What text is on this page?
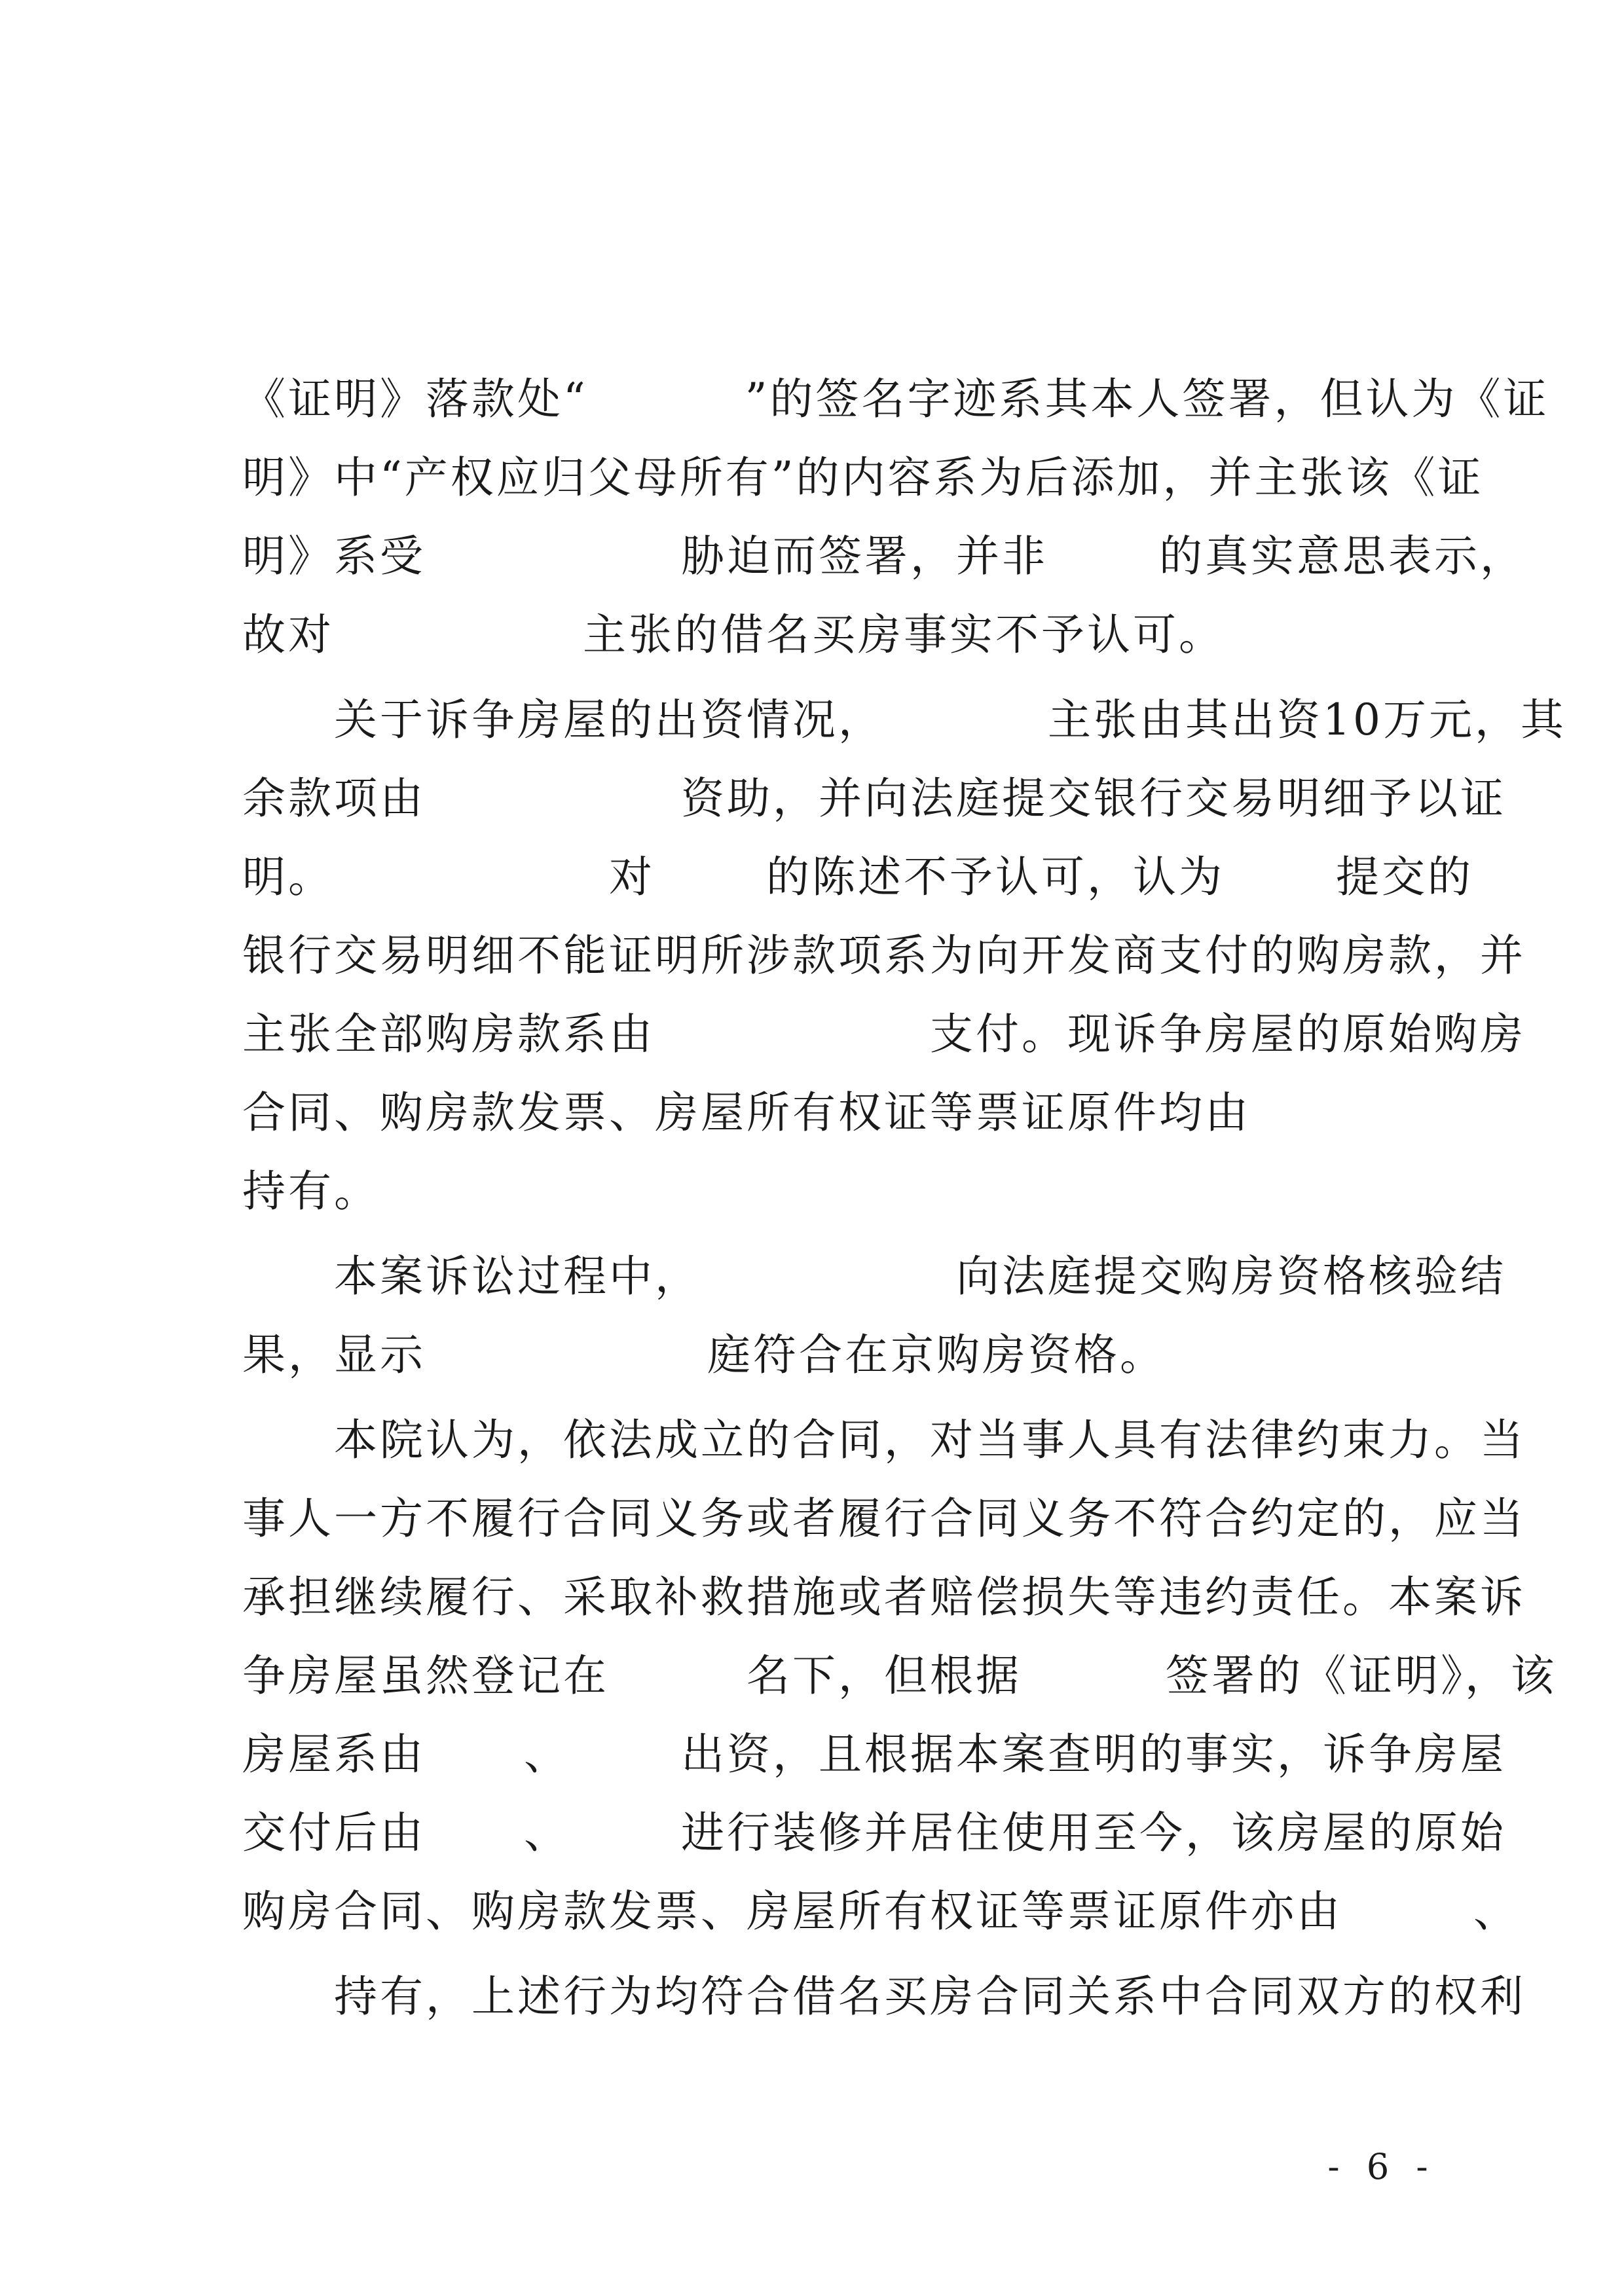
《证明》落款处“	”的签名字迹系其本人签署，但认为《证
明》中“产权应归父母所有”的内容系为后添加，并主张该《证
明》系受	胁迫而签署，并非	的真实意思表示，
故对	主张的借名买房事实不予认可。
关于诉争房屋的出资情况，	主张由其出资10万元，其
余款项由	资助，并向法庭提交银行交易明细予以证
明。	对	的陈述不予认可，认为	提交的
银行交易明细不能证明所涉款项系为向开发商支付的购房款，并
主张全部购房款系由	支付。现诉争房屋的原始购房
合同、购房款发票、房屋所有权证等票证原件均由
持有。
本案诉讼过程中，	向法庭提交购房资格核验结
果，显示	庭符合在京购房资格。
本院认为，依法成立的合同，对当事人具有法律约束力。当
事人一方不履行合同义务或者履行合同义务不符合约定的，应当
承担继续履行、采取补救措施或者赔偿损失等违约责任。本案诉
争房屋虽然登记在	名下，但根据	签署的《证明》，该
房屋系由 、	出资，且根据本案查明的事实，诉争房屋
交付后由 、	进行装修并居住使用至今，该房屋的原始
购房合同、购房款发票、房屋所有权证等票证原件亦由	、
持有，上述行为均符合借名买房合同关系中合同双方的权利
- 6 -
